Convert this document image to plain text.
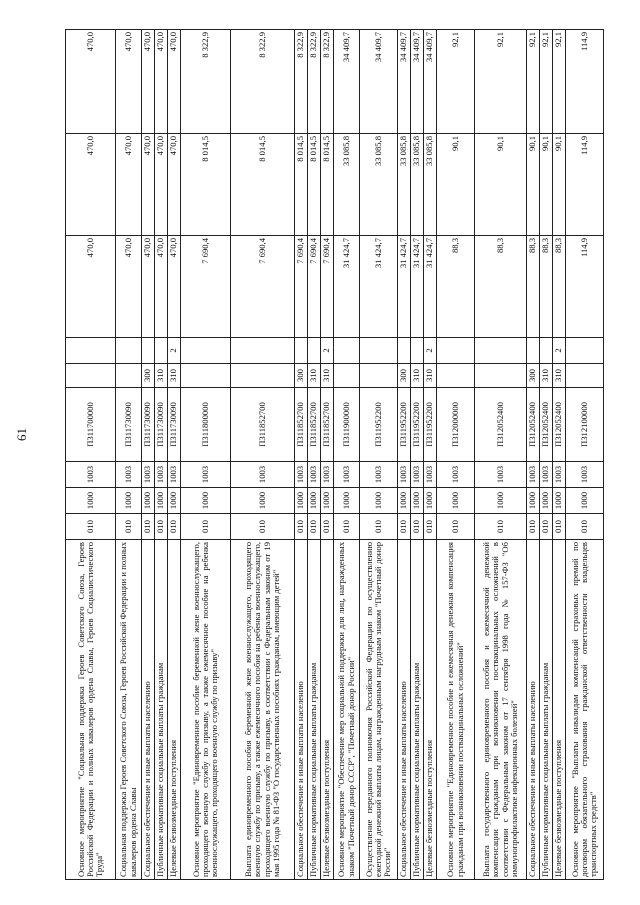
61
Основное мероприятие "Социальная поддержка Героев Советского Союза, Героев Российской Федерации и полных кавалеров ордена Славы, Героев Социалистического Труда"	010	1000	1003	П311700000			470,0	470,0	470,0
Социальная поддержка Героев Советского Союза, Героев Российской Федерации и полных кавалеров ордена Славы	010	1000	1003	П311730090			470,0	470,0	470,0
Социальное обеспечение и иные выплаты населению	010	1000	1003	П311730090	300		470,0	470,0	470,0
Публичные нормативные социальные выплаты гражданам	010	1000	1003	П311730090	310		470,0	470,0	470,0
Целевые безвозмездные поступления	010	1000	1003	П311730090	310	2	470,0	470,0	470,0
Основное мероприятие "Единовременное пособие беременной жене военнослужащего, проходящего военную службу по призыву, а также ежемесячное пособие на ребенка военнослужащего, проходящего военную службу по призыву"	010	1000	1003	П311800000			7 690,4	8 014,5	8 322,9
Выплата единовременного пособия беременной жене военнослужащего, проходящего военную службу по призыву, а также ежемесячного пособия на ребенка военнослужащего, проходящего военную службу по призыву, в соответствии с Федеральным законом от 19 мая 1995 года № 81-ФЗ "О государственных пособиях гражданам, имеющим детей"	010	1000	1003	П311852700			7 690,4	8 014,5	8 322,9
Социальное обеспечение и иные выплаты населению	010	1000	1003	П311852700	300		7 690,4	8 014,5	8 322,9
Публичные нормативные социальные выплаты гражданам	010	1000	1003	П311852700	310		7 690,4	8 014,5	8 322,9
Целевые безвозмездные поступления	010	1000	1003	П311852700	310	2	7 690,4	8 014,5	8 322,9
Основное мероприятие "Обеспечение мер социальной поддержки для лиц, награжденных знаком "Почетный донор СССР", "Почетный донор России"	010	1000	1003	П311900000			31 424,7	33 085,8	34 409,7
Осуществление переданного полномочия Российской Федерации по осуществлению ежегодной денежной выплаты лицам, награжденным нагрудным знаком "Почетный донор России"	010	1000	1003	П311952200			31 424,7	33 085,8	34 409,7
Социальное обеспечение и иные выплаты населению	010	1000	1003	П311952200	300		31 424,7	33 085,8	34 409,7
Публичные нормативные социальные выплаты гражданам	010	1000	1003	П311952200	310		31 424,7	33 085,8	34 409,7
Целевые безвозмездные поступления	010	1000	1003	П311952200	310	2	31 424,7	33 085,8	34 409,7
Основное мероприятие "Единовременное пособие и ежемесячная денежная компенсация гражданам при возникновении поствакцинальных осложнений"	010	1000	1003	П312000000			88,3	90,1	92,1
Выплата государственного единовременного пособия и ежемесячной денежной компенсации гражданам при возникновении поствакцинальных осложнений в соответствии с Федеральным законом от 17 сентября 1998 года № 157-ФЗ "Об иммунопрофилактике инфекционных болезней"	010	1000	1003	П312052400			88,3	90,1	92,1
Социальное обеспечение и иные выплаты населению	010	1000	1003	П312052400	300		88,3	90,1	92,1
Публичные нормативные социальные выплаты гражданам	010	1000	1003	П312052400	310		88,3	90,1	92,1
Целевые безвозмездные поступления	010	1000	1003	П312052400	310	2	88,3	90,1	92,1
Основное мероприятие "Выплаты инвалидам компенсаций страховых премий по договорам обязательного страхования гражданской ответственности владельцев транспортных средств"	010	1000	1003	П312100000			114,9	114,9	114,9
